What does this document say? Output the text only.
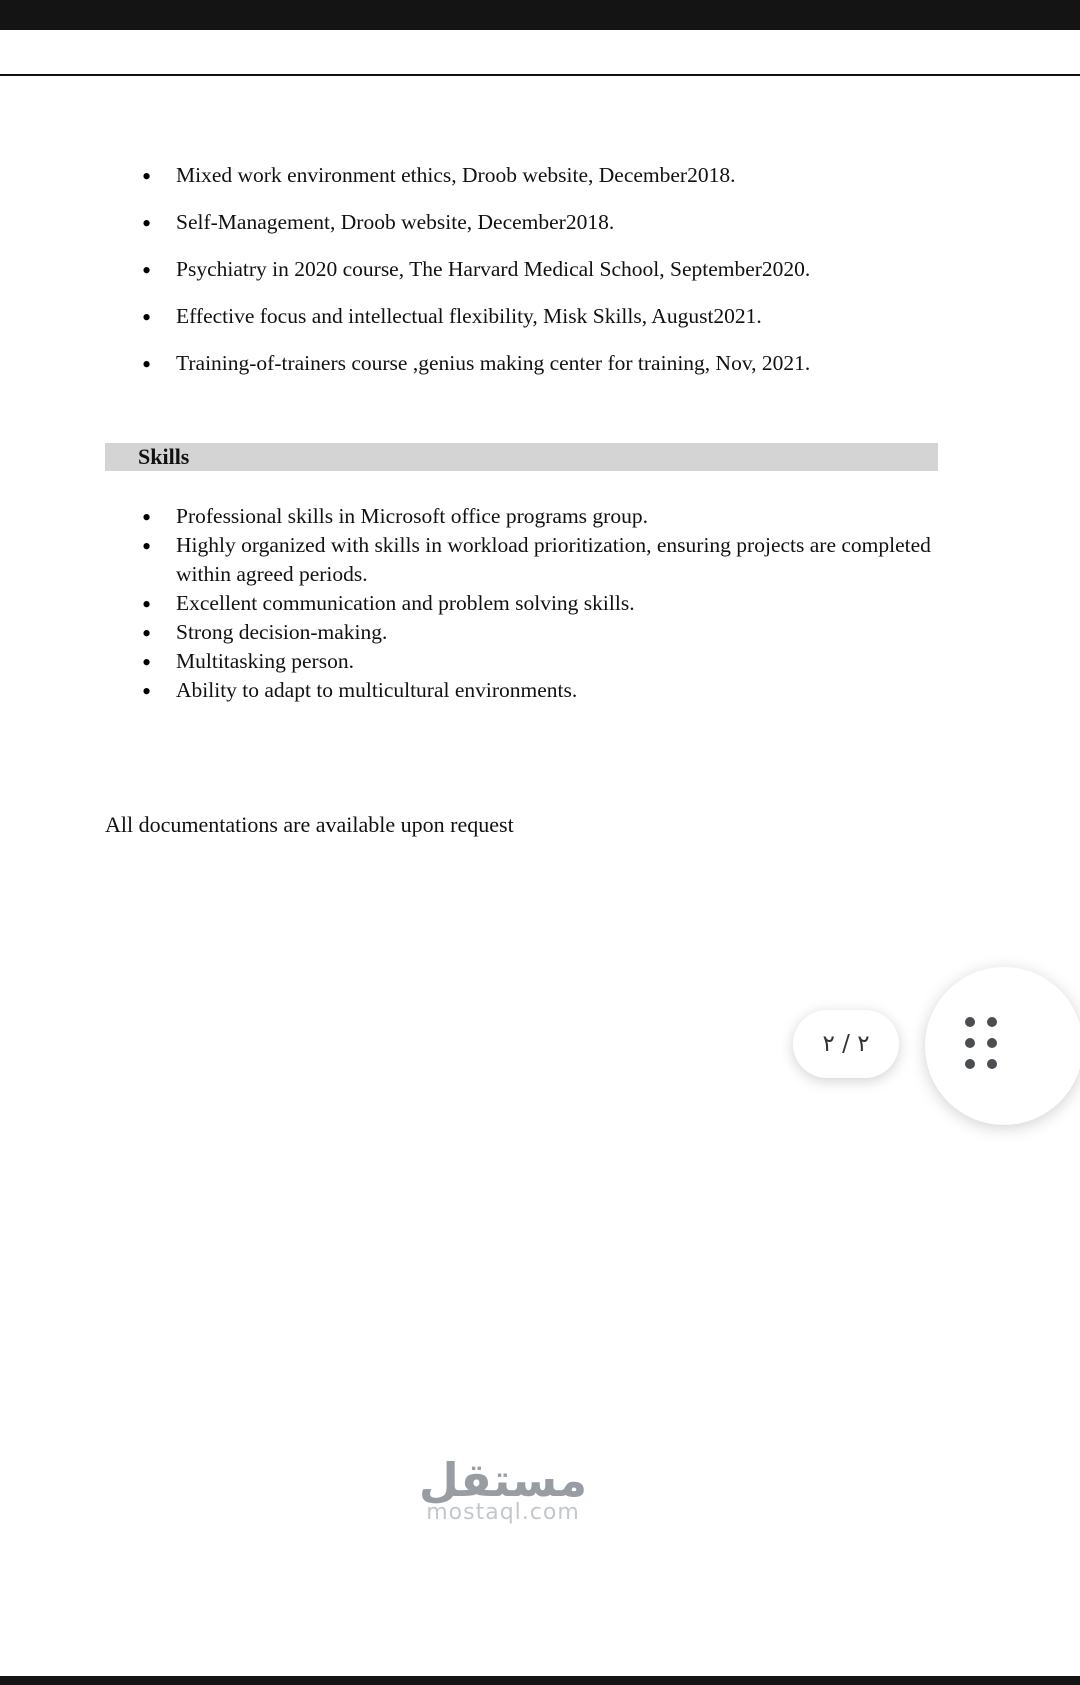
• Mixed work environment ethics, Droob website, December2018.
• Self-Management, Droob website, December2018.
• Psychiatry in 2020 course, The Harvard Medical School, September2020.
• Effective focus and intellectual flexibility, Misk Skills, August2021.
• Training-of-trainers course ,genius making center for training, Nov, 2021.
Skills
• Professional skills in Microsoft office programs group.
• Highly organized with skills in workload prioritization, ensuring projects are completed within agreed periods.
• Excellent communication and problem solving skills.
• Strong decision-making.
• Multitasking person.
• Ability to adapt to multicultural environments.
All documentations are available upon request
٢ / ٢
مستقل
mostaql.com
